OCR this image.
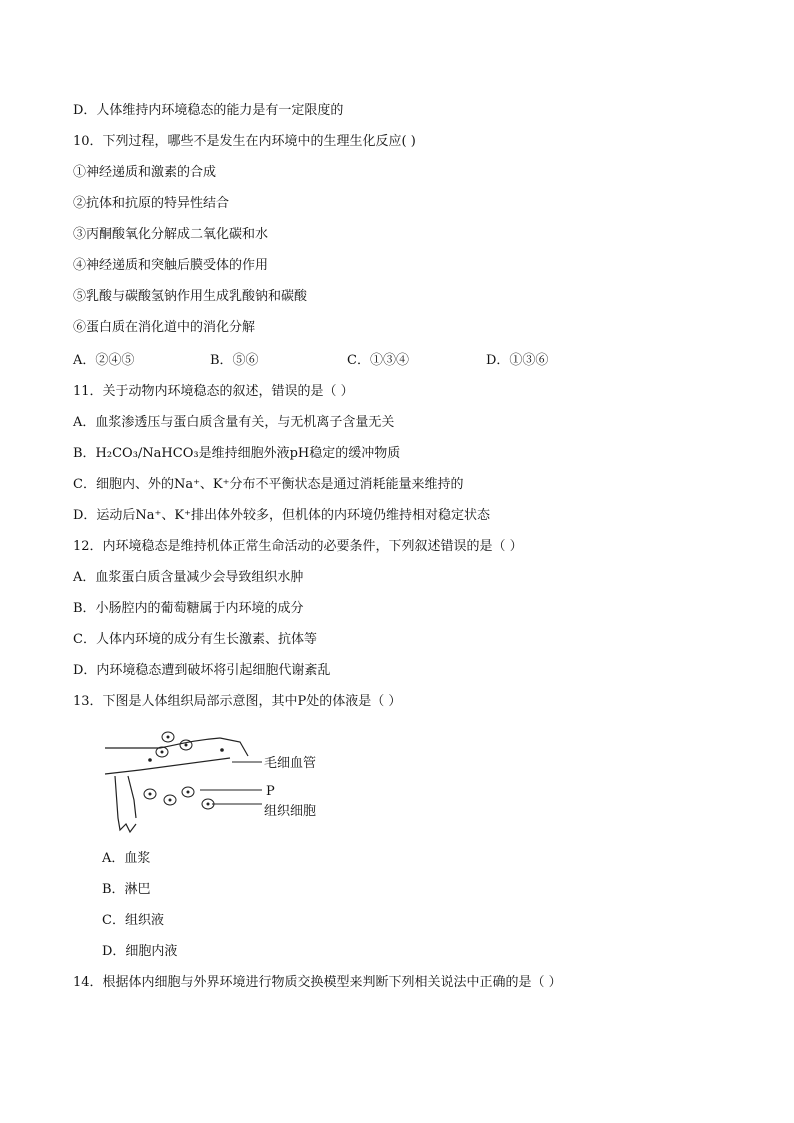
D．人体维持内环境稳态的能力是有一定限度的
10．下列过程，哪些不是发生在内环境中的生理生化反应( )
①神经递质和激素的合成
②抗体和抗原的特异性结合
③丙酮酸氧化分解成二氧化碳和水
④神经递质和突触后膜受体的作用
⑤乳酸与碳酸氢钠作用生成乳酸钠和碳酸
⑥蛋白质在消化道中的消化分解
A．②④⑤	B．⑤⑥	C．①③④	D．①③⑥
11．关于动物内环境稳态的叙述，错误的是（ ）
A．血浆渗透压与蛋白质含量有关，与无机离子含量无关
B．H₂CO₃/NaHCO₃是维持细胞外液pH稳定的缓冲物质
C．细胞内、外的Na⁺、K⁺分布不平衡状态是通过消耗能量来维持的
D．运动后Na⁺、K⁺排出体外较多，但机体的内环境仍维持相对稳定状态
12．内环境稳态是维持机体正常生命活动的必要条件，下列叙述错误的是（ ）
A．血浆蛋白质含量减少会导致组织水肿
B．小肠腔内的葡萄糖属于内环境的成分
C．人体内环境的成分有生长激素、抗体等
D．内环境稳态遭到破坏将引起细胞代谢紊乱
13．下图是人体组织局部示意图，其中P处的体液是（ ）
毛细血管
P
组织细胞
A．血浆
B．淋巴
C．组织液
D．细胞内液
14．根据体内细胞与外界环境进行物质交换模型来判断下列相关说法中正确的是（ ）
